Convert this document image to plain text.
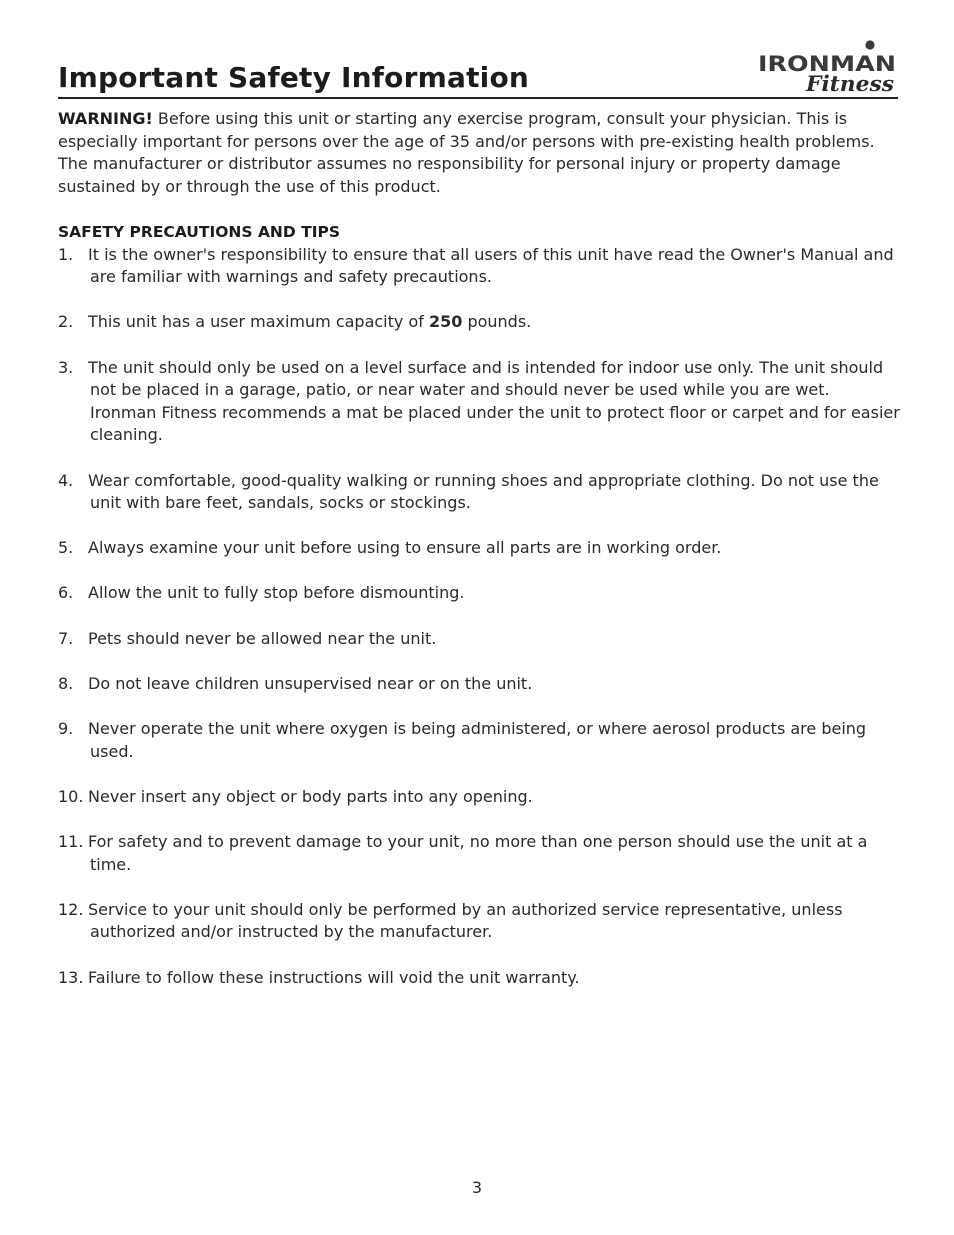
Important Safety Information	IRONMAN
Fitness

WARNING! Before using this unit or starting any exercise program, consult your physician. This is especially important for persons over the age of 35 and/or persons with pre-existing health problems. The manufacturer or distributor assumes no responsibility for personal injury or property damage sustained by or through the use of this product.

SAFETY PRECAUTIONS AND TIPS
1. It is the owner's responsibility to ensure that all users of this unit have read the Owner's Manual and are familiar with warnings and safety precautions.
2. This unit has a user maximum capacity of 250 pounds.
3. The unit should only be used on a level surface and is intended for indoor use only. The unit should not be placed in a garage, patio, or near water and should never be used while you are wet. Ironman Fitness recommends a mat be placed under the unit to protect floor or carpet and for easier cleaning.
4. Wear comfortable, good-quality walking or running shoes and appropriate clothing. Do not use the unit with bare feet, sandals, socks or stockings.
5. Always examine your unit before using to ensure all parts are in working order.
6. Allow the unit to fully stop before dismounting.
7. Pets should never be allowed near the unit.
8. Do not leave children unsupervised near or on the unit.
9. Never operate the unit where oxygen is being administered, or where aerosol products are being used.
10. Never insert any object or body parts into any opening.
11. For safety and to prevent damage to your unit, no more than one person should use the unit at a time.
12. Service to your unit should only be performed by an authorized service representative, unless authorized and/or instructed by the manufacturer.
13. Failure to follow these instructions will void the unit warranty.
3
